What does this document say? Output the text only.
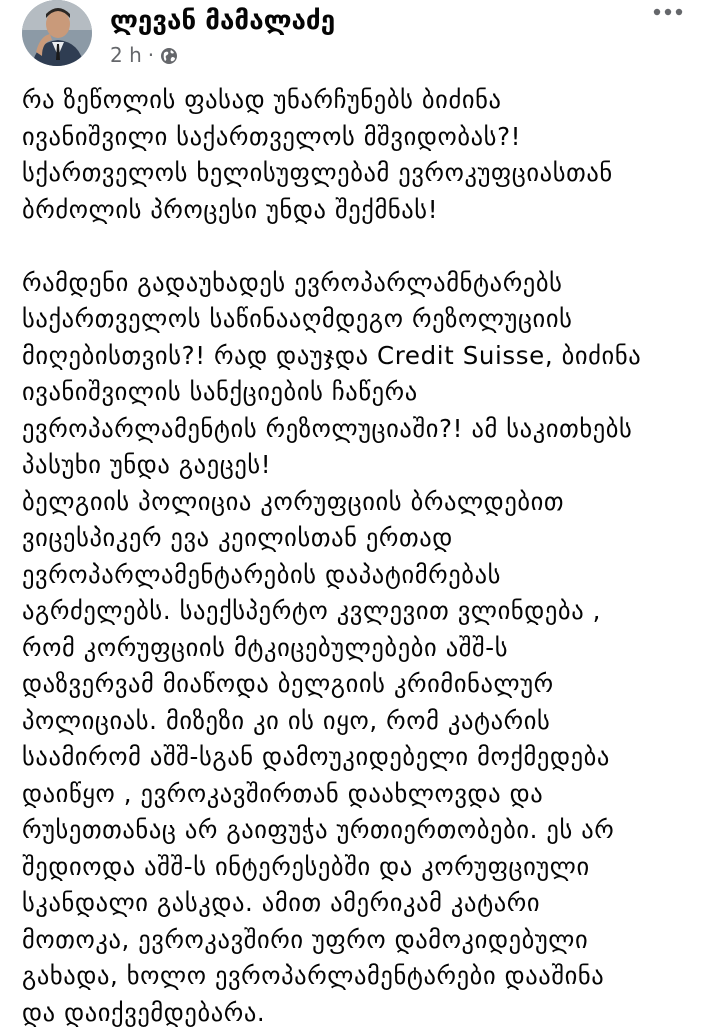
ლევან მამალაძე
2 h ·
რა ზეწოლის ფასად უნარჩუნებს ბიძინა
ივანიშვილი საქართველოს მშვიდობას?!
სქართველოს ხელისუფლებამ ევროკუფციასთან
ბრძოლის პროცესი უნდა შექმნას!
რამდენი გადაუხადეს ევროპარლამნტარებს
საქართველოს საწინააღმდეგო რეზოლუციის
მიღებისთვის?! რად დაუჯდა Credit Suisse, ბიძინა
ივანიშვილის სანქციების ჩაწერა
ევროპარლამენტის რეზოლუციაში?! ამ საკითხებს
პასუხი უნდა გაეცეს!
ბელგიის პოლიცია კორუფციის ბრალდებით
ვიცესპიკერ ევა კეილისთან ერთად
ევროპარლამენტარების დაპატიმრებას
აგრძელებს. საექსპერტო კვლევით ვლინდება ,
რომ კორუფციის მტკიცებულებები აშშ-ს
დაზვერვამ მიაწოდა ბელგიის კრიმინალურ
პოლიციას. მიზეზი კი ის იყო, რომ კატარის
საამირომ აშშ-სგან დამოუკიდებელი მოქმედება
დაიწყო , ევროკავშირთან დაახლოვდა და
რუსეთთანაც არ გაიფუჭა ურთიერთობები. ეს არ
შედიოდა აშშ-ს ინტერესებში და კორუფციული
სკანდალი გასკდა. ამით ამერიკამ კატარი
მოთოკა, ევროკავშირი უფრო დამოკიდებული
გახადა, ხოლო ევროპარლამენტარები დააშინა
და დაიქვემდებარა.
